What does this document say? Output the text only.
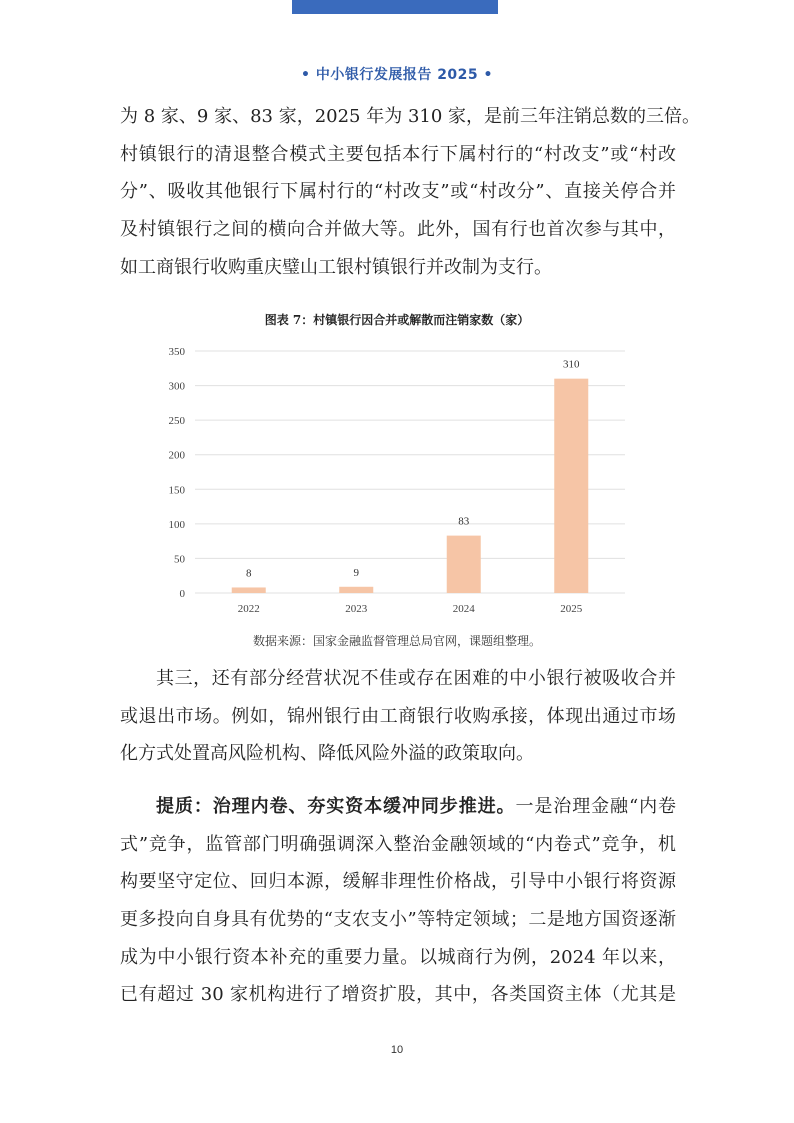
• 中小银行发展报告 2025 •
为 8 家、9 家、83 家，2025 年为 310 家，是前三年注销总数的三倍。
村镇银行的清退整合模式主要包括本行下属村行的“村改支”或“村改
分”、吸收其他银行下属村行的“村改支”或“村改分”、直接关停合并
及村镇银行之间的横向合并做大等。此外，国有行也首次参与其中，
如工商银行收购重庆璧山工银村镇银行并改制为支行。
图表 7：村镇银行因合并或解散而注销家数（家）
0
50
100
150
200
250
300
350
8
2022
9
2023
83
2024
310
2025
数据来源：国家金融监督管理总局官网，课题组整理。
其三，还有部分经营状况不佳或存在困难的中小银行被吸收合并
或退出市场。例如，锦州银行由工商银行收购承接，体现出通过市场
化方式处置高风险机构、降低风险外溢的政策取向。
提质：治理内卷、夯实资本缓冲同步推进。一是治理金融“内卷
式”竞争，监管部门明确强调深入整治金融领域的“内卷式”竞争，机
构要坚守定位、回归本源，缓解非理性价格战，引导中小银行将资源
更多投向自身具有优势的“支农支小”等特定领域；二是地方国资逐渐
成为中小银行资本补充的重要力量。以城商行为例，2024 年以来，
已有超过 30 家机构进行了增资扩股，其中，各类国资主体（尤其是
10
